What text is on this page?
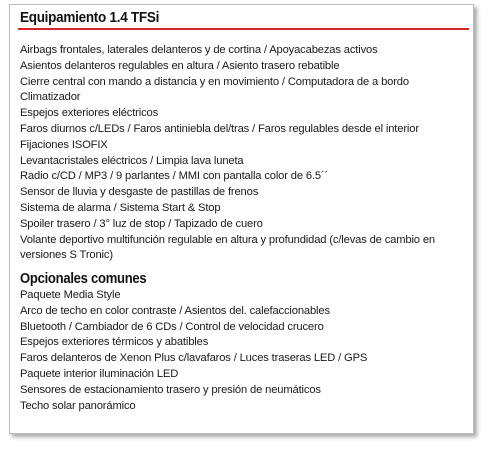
Equipamiento 1.4 TFSi
Airbags frontales, laterales delanteros y de cortina / Apoyacabezas activos
Asientos delanteros regulables en altura / Asiento trasero rebatible
Cierre central con mando a distancia y en movimiento / Computadora de a bordo
Climatizador
Espejos exteriores eléctricos
Faros diurnos c/LEDs / Faros antiniebla del/tras / Faros regulables desde el interior
Fijaciones ISOFIX
Levantacristales eléctricos / Limpia lava luneta
Radio c/CD / MP3 / 9 parlantes / MMI con pantalla color de 6.5´´
Sensor de lluvia y desgaste de pastillas de frenos
Sistema de alarma / Sistema Start & Stop
Spoiler trasero / 3° luz de stop / Tapizado de cuero
Volante deportivo multifunción regulable en altura y profundidad (c/levas de cambio en
versiones S Tronic)
Opcionales comunes
Paquete Media Style
Arco de techo en color contraste / Asientos del. calefaccionables
Bluetooth / Cambiador de 6 CDs / Control de velocidad crucero
Espejos exteriores térmicos y abatibles
Faros delanteros de Xenon Plus c/lavafaros / Luces traseras LED / GPS
Paquete interior iluminación LED
Sensores de estacionamiento trasero y presión de neumáticos
Techo solar panorámico
